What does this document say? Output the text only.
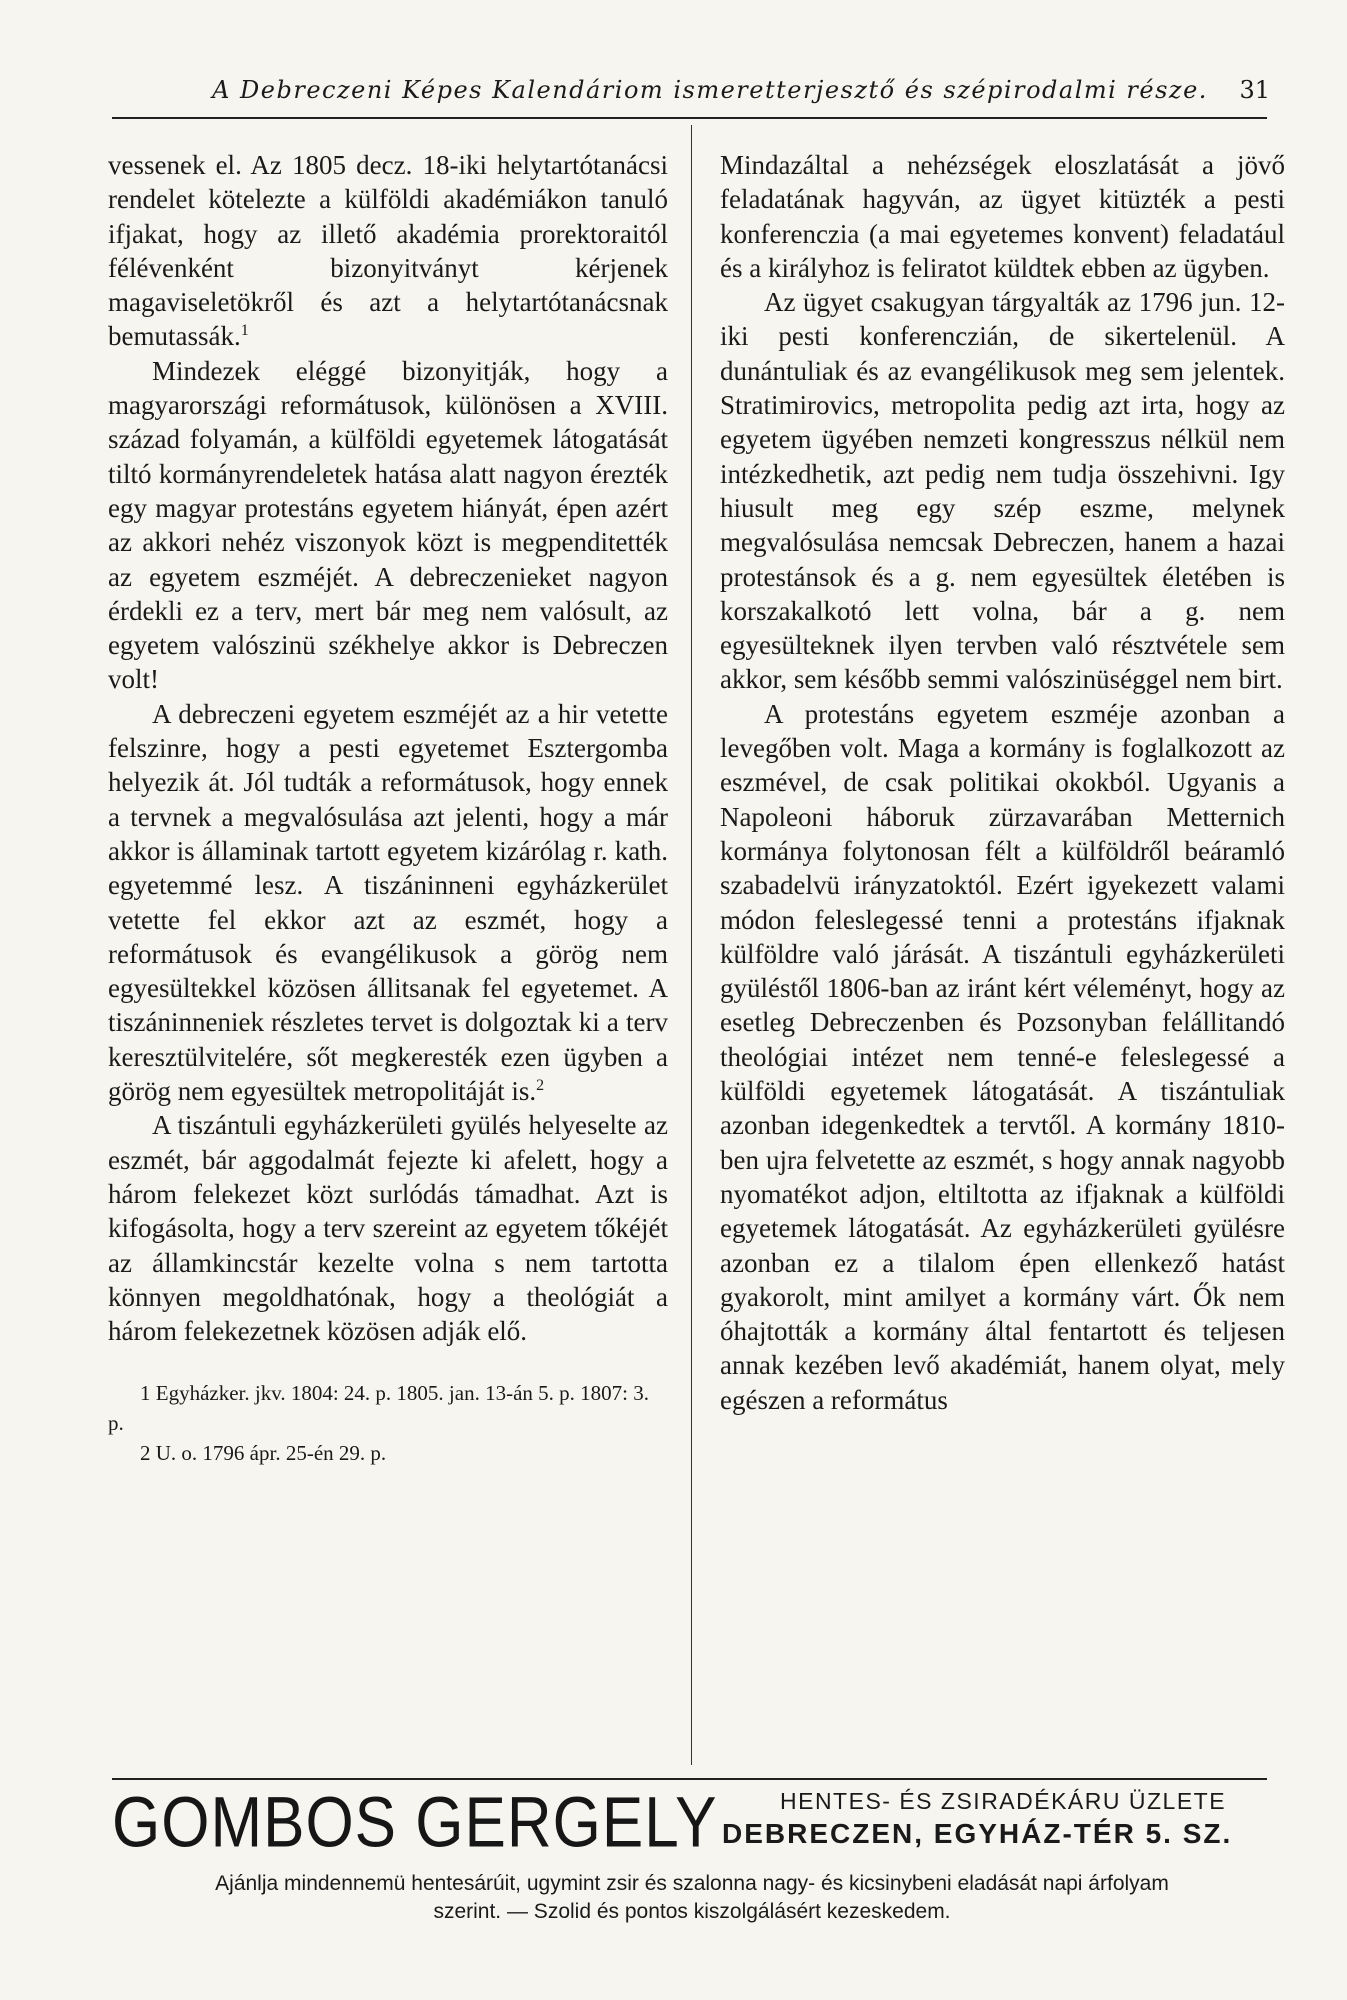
A Debreczeni Képes Kalendáriom ismeretterjesztő és szépirodalmi része. 31

vessenek el. Az 1805 decz. 18-iki helytartótanácsi rendelet kötelezte a külföldi akadémiákon tanuló ifjakat, hogy az illető akadémia prorektoraitól félévenként bizonyitványt kérjenek magaviseletökről és azt a helytartótanácsnak bemutassák.$^1$

Mindezek eléggé bizonyitják, hogy a magyarországi reformátusok, különösen a XVIII. század folyamán, a külföldi egyetemek látogatását tiltó kormányrendeletek hatása alatt nagyon érezték egy magyar protestáns egyetem hiányát, épen azért az akkori nehéz viszonyok közt is megpenditették az egyetem eszméjét. A debreczenieket nagyon érdekli ez a terv, mert bár meg nem valósult, az egyetem valószinü székhelye akkor is Debreczen volt!

A debreczeni egyetem eszméjét az a hir vetette felszinre, hogy a pesti egyetemet Esztergomba helyezik át. Jól tudták a reformátusok, hogy ennek a tervnek a megvalósulása azt jelenti, hogy a már akkor is államinak tartott egyetem kizárólag r. kath. egyetemmé lesz. A tiszáninneni egyházkerület vetette fel ekkor azt az eszmét, hogy a reformátusok és evangélikusok a görög nem egyesültekkel közösen állitsanak fel egyetemet. A tiszáninneniek részletes tervet is dolgoztak ki a terv keresztülvitelére, sőt megkeresték ezen ügyben a görög nem egyesültek metropolitáját is.$^2$

A tiszántuli egyházkerületi gyülés helyeselte az eszmét, bár aggodalmát fejezte ki afelett, hogy a három felekezet közt surlódás támadhat. Azt is kifogásolta, hogy a terv szereint az egyetem tőkéjét az államkincstár kezelte volna s nem tartotta könnyen megoldhatónak, hogy a theológiát a három felekezetnek közösen adják elő.

1 Egyházker. jkv. 1804: 24. p. 1805. jan. 13-án 5. p. 1807: 3. p.
2 U. o. 1796 ápr. 25-én 29. p.

Mindazáltal a nehézségek eloszlatását a jövő feladatának hagyván, az ügyet kitüzték a pesti konferenczia (a mai egyetemes konvent) feladatául és a királyhoz is feliratot küldtek ebben az ügyben.

Az ügyet csakugyan tárgyalták az 1796 jun. 12-iki pesti konferenczián, de sikertelenül. A dunántuliak és az evangélikusok meg sem jelentek. Stratimirovics, metropolita pedig azt irta, hogy az egyetem ügyében nemzeti kongresszus nélkül nem intézkedhetik, azt pedig nem tudja összehivni. Igy hiusult meg egy szép eszme, melynek megvalósulása nemcsak Debreczen, hanem a hazai protestánsok és a g. nem egyesültek életében is korszakalkotó lett volna, bár a g. nem egyesülteknek ilyen tervben való résztvétele sem akkor, sem később semmi valószinüséggel nem birt.

A protestáns egyetem eszméje azonban a levegőben volt. Maga a kormány is foglalkozott az eszmével, de csak politikai okokból. Ugyanis a Napoleoni háboruk zürzavarában Metternich kormánya folytonosan félt a külföldről beáramló szabadelvü irányzatoktól. Ezért igyekezett valami módon feleslegessé tenni a protestáns ifjaknak külföldre való járását. A tiszántuli egyházkerületi gyüléstől 1806-ban az iránt kért véleményt, hogy az esetleg Debreczenben és Pozsonyban felállitandó theológiai intézet nem tenné-e feleslegessé a külföldi egyetemek látogatását. A tiszántuliak azonban idegenkedtek a tervtől. A kormány 1810-ben ujra felvetette az eszmét, s hogy annak nagyobb nyomatékot adjon, eltiltotta az ifjaknak a külföldi egyetemek látogatását. Az egyházkerületi gyülésre azonban ez a tilalom épen ellenkező hatást gyakorolt, mint amilyet a kormány várt. Ők nem óhajtották a kormány által fentartott és teljesen annak kezében levő akadémiát, hanem olyat, mely egészen a református

GOMBOS GERGELY	HENTES- ÉS ZSIRADÉKÁRU ÜZLETE
DEBRECZEN, EGYHÁZ-TÉR 5. SZ.
Ajánlja mindennemü hentesárúit, ugymint zsir és szalonna nagy- és kicsinybeni eladását napi árfolyam
szerint. — Szolid és pontos kiszolgálásért kezeskedem.
